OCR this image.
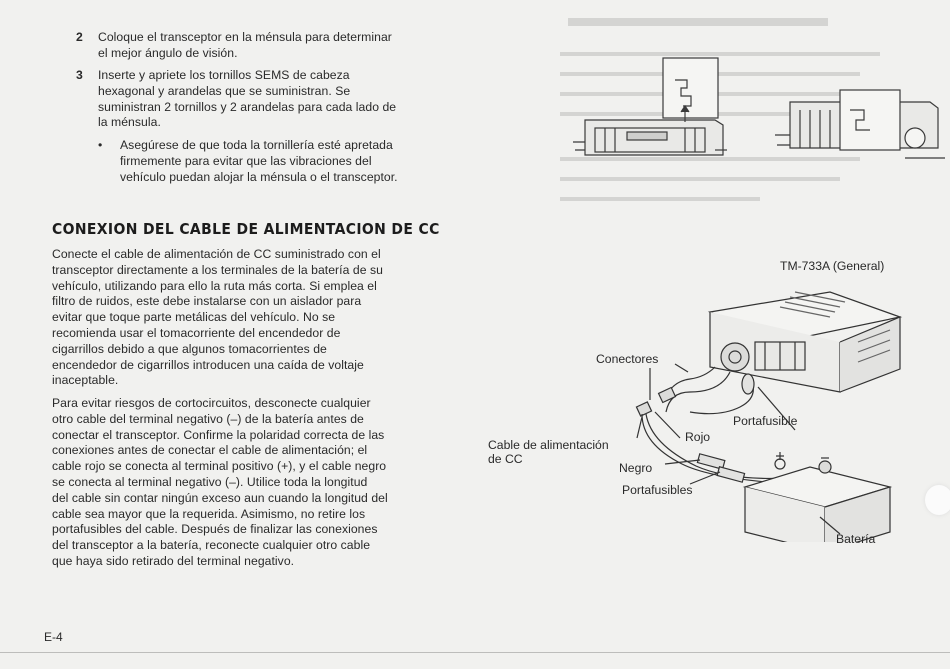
2 Coloque el transceptor en la ménsula para determinar
el mejor ángulo de visión.
3 Inserte y apriete los tornillos SEMS de cabeza
hexagonal y arandelas que se suministran. Se
suministran 2 tornillos y 2 arandelas para cada lado de
la ménsula.
• Asegúrese de que toda la tornillería esté apretada
firmemente para evitar que las vibraciones del
vehículo puedan alojar la ménsula o el transceptor.
CONEXION DEL CABLE DE ALIMENTACION DE CC
Conecte el cable de alimentación de CC suministrado con el
transceptor directamente a los terminales de la batería de su
vehículo, utilizando para ello la ruta más corta. Si emplea el
filtro de ruidos, este debe instalarse con un aislador para
evitar que toque parte metálicas del vehículo. No se
recomienda usar el tomacorriente del encendedor de
cigarrillos debido a que algunos tomacorrientes de
encendedor de cigarrillos introducen una caída de voltaje
inaceptable.
Para evitar riesgos de cortocircuitos, desconecte cualquier
otro cable del terminal negativo (–) de la batería antes de
conectar el transceptor. Confirme la polaridad correcta de las
conexiones antes de conectar el cable de alimentación; el
cable rojo se conecta al terminal positivo (+), y el cable negro
se conecta al terminal negativo (–). Utilice toda la longitud
del cable sin contar ningún exceso aun cuando la longitud del
cable sea mayor que la requerida. Asimismo, no retire los
portafusibles del cable. Después de finalizar las conexiones
del transceptor a la batería, reconecte cualquier otro cable
que haya sido retirado del terminal negativo.
TM-733A (General)
Conectores
Portafusible
Rojo
Cable de alimentación
de CC
Negro
Portafusibles
Batería
E-4
